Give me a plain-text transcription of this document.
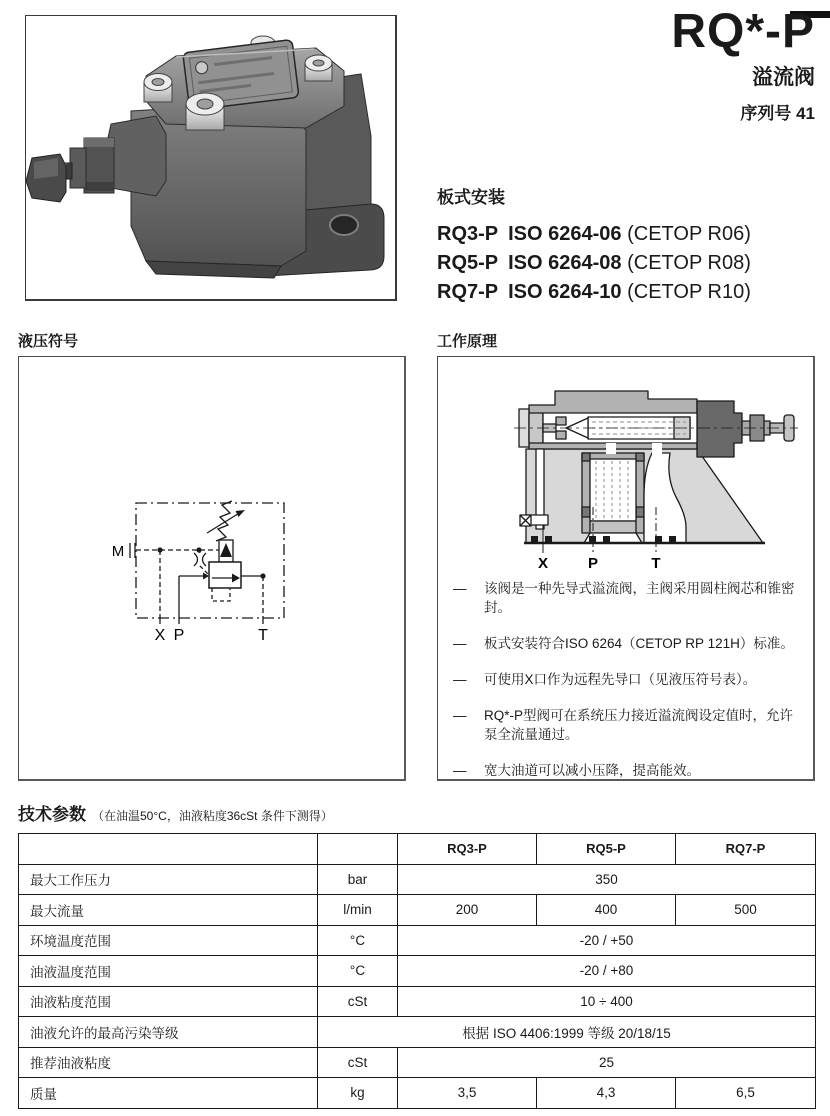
RQ*-P
溢流阀
序列号 41
板式安装
RQ3-P ISO 6264-06 (CETOP R06)
RQ5-P ISO 6264-08 (CETOP R08)
RQ7-P ISO 6264-10 (CETOP R10)
液压符号
M
X P	T
工作原理
X	P	T
— 该阀是一种先导式溢流阀，主阀采用圆柱阀芯和锥密封。
— 板式安装符合ISO 6264（CETOP RP 121H）标准。
— 可使用X口作为远程先导口（见液压符号表）。
— RQ*-P型阀可在系统压力接近溢流阀设定值时，允许泵全流量通过。
— 宽大油道可以减小压降，提高能效。
技术参数 （在油温50°C，油液粘度36cSt 条件下测得）
		RQ3-P	RQ5-P	RQ7-P
最大工作压力	bar	350		
最大流量	l/min	200	400	500
环境温度范围	°C	-20 / +50		
油液温度范围	°C	-20 / +80		
油液粘度范围	cSt	10 ÷ 400		
油液允许的最高污染等级	根据 ISO 4406:1999 等级 20/18/15			
推荐油液粘度	cSt	25		
质量	kg	3,5	4,3	6,5
